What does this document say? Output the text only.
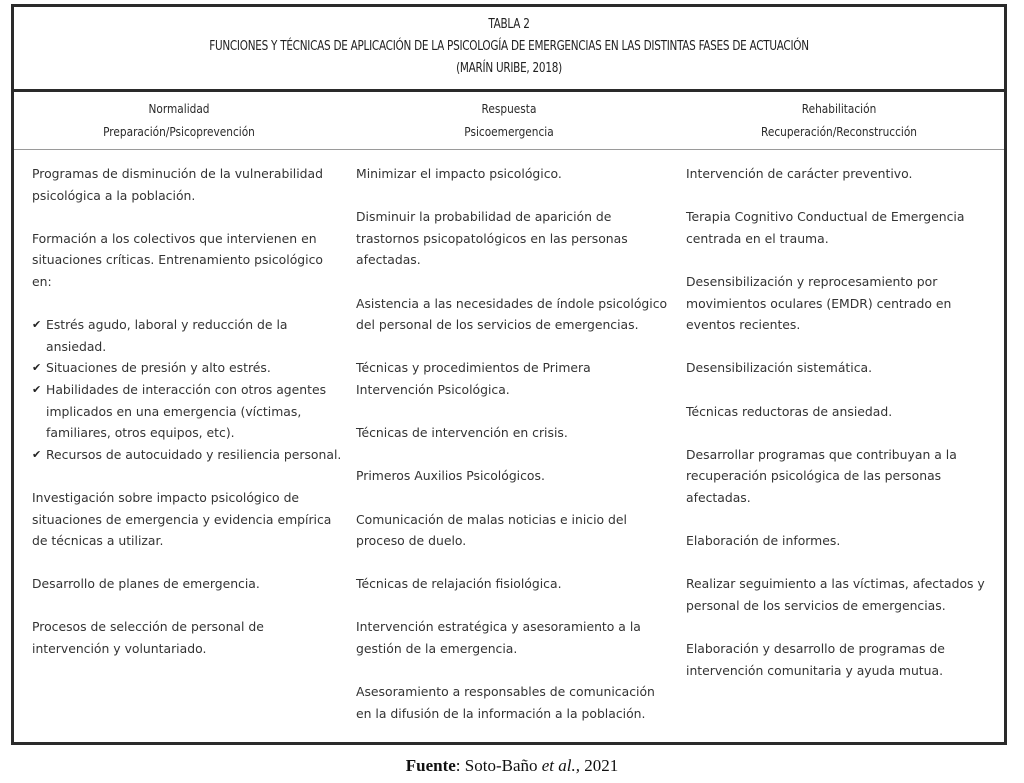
TABLA 2
FUNCIONES Y TÉCNICAS DE APLICACIÓN DE LA PSICOLOGÍA DE EMERGENCIAS EN LAS DISTINTAS FASES DE ACTUACIÓN
(MARÍN URIBE, 2018)
Normalidad
Preparación/Psicoprevención
Respuesta
Psicoemergencia
Rehabilitación
Recuperación/Reconstrucción

Programas de disminución de la vulnerabilidad psicológica a la población.

Formación a los colectivos que intervienen en situaciones críticas. Entrenamiento psicológico en:

✔ Estrés agudo, laboral y reducción de la ansiedad.
✔ Situaciones de presión y alto estrés.
✔ Habilidades de interacción con otros agentes implicados en una emergencia (víctimas, familiares, otros equipos, etc).
✔ Recursos de autocuidado y resiliencia personal.

Investigación sobre impacto psicológico de situaciones de emergencia y evidencia empírica de técnicas a utilizar.

Desarrollo de planes de emergencia.

Procesos de selección de personal de intervención y voluntariado.

Minimizar el impacto psicológico.

Disminuir la probabilidad de aparición de trastornos psicopatológicos en las personas afectadas.

Asistencia a las necesidades de índole psicológico del personal de los servicios de emergencias.

Técnicas y procedimientos de Primera Intervención Psicológica.

Técnicas de intervención en crisis.

Primeros Auxilios Psicológicos.

Comunicación de malas noticias e inicio del proceso de duelo.

Técnicas de relajación fisiológica.

Intervención estratégica y asesoramiento a la gestión de la emergencia.

Asesoramiento a responsables de comunicación en la difusión de la información a la población.

Intervención de carácter preventivo.

Terapia Cognitivo Conductual de Emergencia centrada en el trauma.

Desensibilización y reprocesamiento por movimientos oculares (EMDR) centrado en eventos recientes.

Desensibilización sistemática.

Técnicas reductoras de ansiedad.

Desarrollar programas que contribuyan a la recuperación psicológica de las personas afectadas.

Elaboración de informes.

Realizar seguimiento a las víctimas, afectados y personal de los servicios de emergencias.

Elaboración y desarrollo de programas de intervención comunitaria y ayuda mutua.

Fuente: Soto-Baño et al., 2021
